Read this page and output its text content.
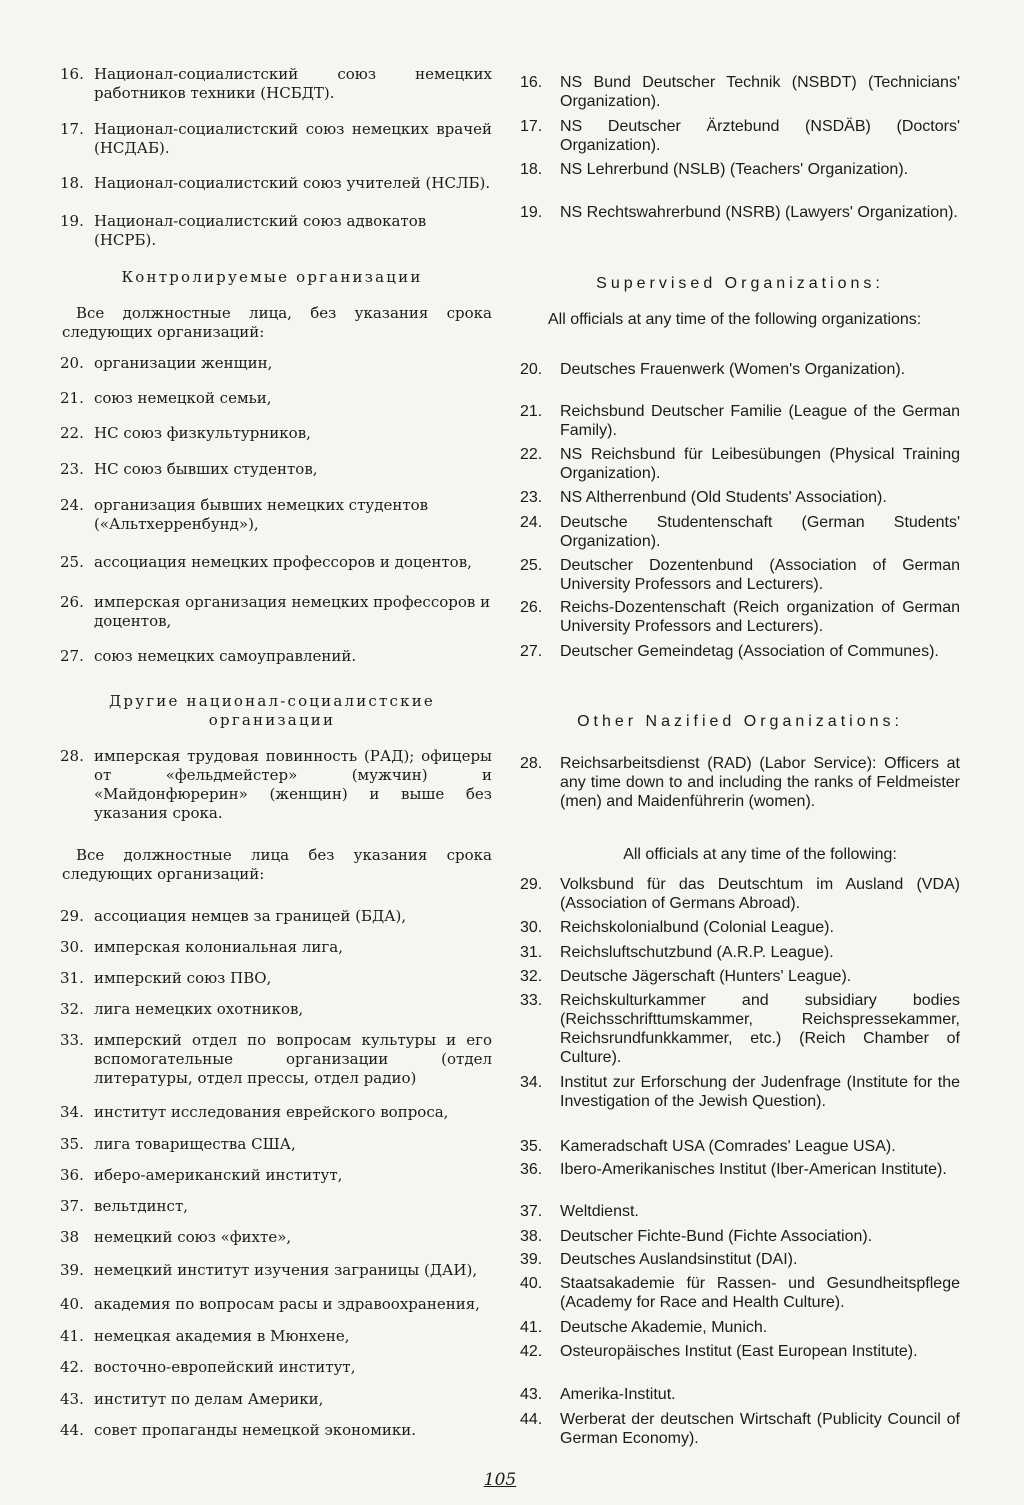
16. Национал-социалистский союз немецких работников техники (НСБДТ).
17. Национал-социалистский союз немецких врачей (НСДАБ).
18. Национал-социалистский союз учителей (НСЛБ).
19. Национал-социалистский союз адвокатов (НСРБ).
Контролируемые организации
Все должностные лица, без указания срока следующих организаций:
20. организации женщин,
21. союз немецкой семьи,
22. НС союз физкультурников,
23. НС союз бывших студентов,
24. организация бывших немецких студентов («Альтхерренбунд»),
25. ассоциация немецких профессоров и доцентов,
26. имперская организация немецких профессоров и доцентов,
27. союз немецких самоуправлений.
Другие национал-социалистские организации
28. имперская трудовая повинность (РАД); офицеры от «фельдмейстер» (мужчин) и «Майдонфюрерин» (женщин) и выше без указания срока.
Все должностные лица без указания срока следующих организаций:
29. ассоциация немцев за границей (БДА),
30. имперская колониальная лига,
31. имперский союз ПВО,
32. лига немецких охотников,
33. имперский отдел по вопросам культуры и его вспомогательные организации (отдел литературы, отдел прессы, отдел радио)
34. институт исследования еврейского вопроса,
35. лига товарищества США,
36. иберо-американский институт,
37. вельтдинст,
38 немецкий союз «фихте»,
39. немецкий институт изучения заграницы (ДАИ),
40. академия по вопросам расы и здравоохранения,
41. немецкая академия в Мюнхене,
42. восточно-европейский институт,
43. институт по делам Америки,
44. совет пропаганды немецкой экономики.
16.	NS Bund Deutscher Technik (NSBDT) (Technicians' Organization).
17.	NS Deutscher Ärztebund (NSDÄB) (Doctors' Organization).
18.	NS Lehrerbund (NSLB) (Teachers' Organization).
19.	NS Rechtswahrerbund (NSRB) (Lawyers' Organization).
Supervised Organizations:
All officials at any time of the following organizations:
20.	Deutsches Frauenwerk (Women's Organization).
21.	Reichsbund Deutscher Familie (League of the German Family).
22.	NS Reichsbund für Leibesübungen (Physical Training Organization).
23.	NS Altherrenbund (Old Students' Association).
24.	Deutsche Studentenschaft (German Students' Organization).
25.	Deutscher Dozentenbund (Association of German University Professors and Lecturers).
26.	Reichs-Dozentenschaft (Reich organization of German University Professors and Lecturers).
27.	Deutscher Gemeindetag (Association of Communes).
Other Nazified Organizations:
28.	Reichsarbeitsdienst (RAD) (Labor Service): Officers at any time down to and including the ranks of Feldmeister (men) and Maidenführerin (women).
All officials at any time of the following:
29.	Volksbund für das Deutschtum im Ausland (VDA) (Association of Germans Abroad).
30.	Reichskolonialbund (Colonial League).
31.	Reichsluftschutzbund (A.R.P. League).
32.	Deutsche Jägerschaft (Hunters' League).
33.	Reichskulturkammer and subsidiary bodies (Reichsschrifttumskammer, Reichspressekammer, Reichsrundfunkkammer, etc.) (Reich Chamber of Culture).
34.	Institut zur Erforschung der Judenfrage (Institute for the Investigation of the Jewish Question).
35.	Kameradschaft USA (Comrades' League USA).
36.	Ibero-Amerikanisches Institut (Iber-American Institute).
37.	Weltdienst.
38.	Deutscher Fichte-Bund (Fichte Association).
39.	Deutsches Auslandsinstitut (DAI).
40.	Staatsakademie für Rassen- und Gesundheitspflege (Academy for Race and Health Culture).
41.	Deutsche Akademie, Munich.
42.	Osteuropäisches Institut (East European Institute).
43.	Amerika-Institut.
44.	Werberat der deutschen Wirtschaft (Publicity Council of German Economy).
105
